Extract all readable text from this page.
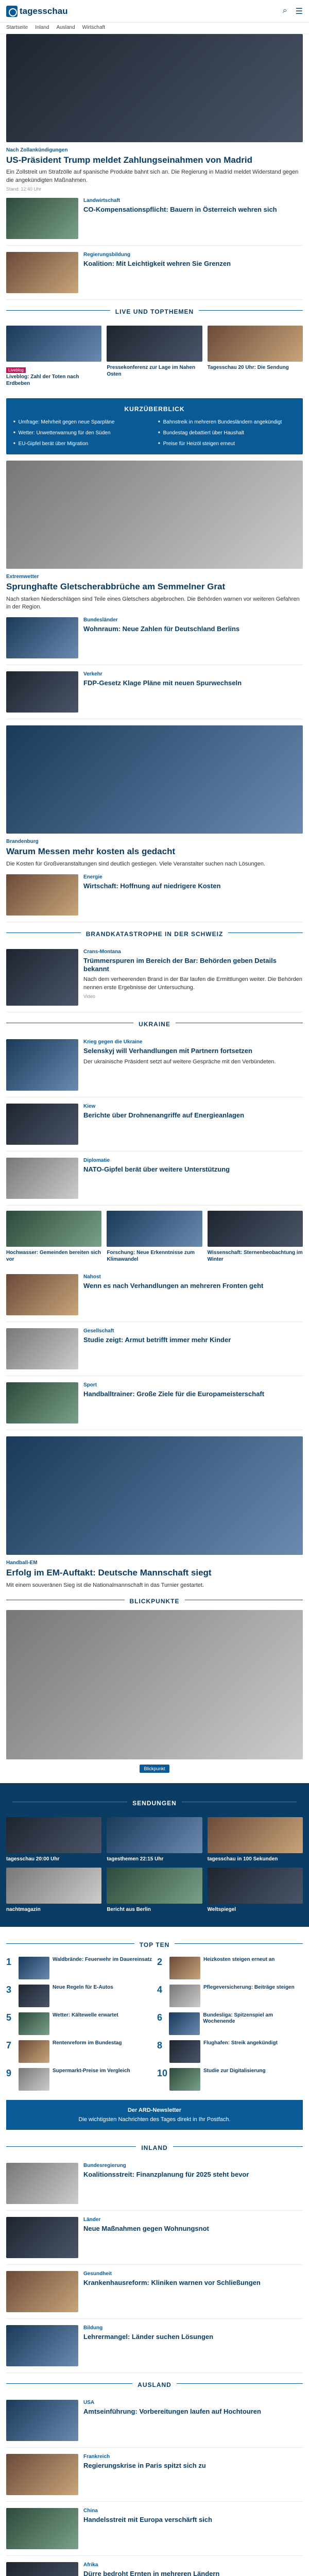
tagesschau	⌕ ☰
Startseite Inland Ausland Wirtschaft
Nach Zollankündigungen
US-Präsident Trump meldet Zahlungseinahmen von Madrid
Ein Zollstreit um Strafzölle auf spanische Produkte bahnt sich an. Die Regierung in Madrid meldet Widerstand gegen die angekündigten Maßnahmen.
Stand: 12:40 Uhr
Landwirtschaft
CO-Kompensationspflicht: Bauern in Österreich wehren sich
Regierungsbildung
Koalition: Mit Leichtigkeit wehren Sie Grenzen
LIVE UND TOPTHEMEN
Liveblog
Liveblog: Zahl der Toten nach Erdbeben
Pressekonferenz zur Lage im Nahen Osten
Tagesschau 20 Uhr: Die Sendung
KURZÜBERBLICK
■ Umfrage: Mehrheit gegen neue Sparpläne	■ Bahnstreik in mehreren Bundesländern angekündigt
■ Wetter: Unwetterwarnung für den Süden	■ Bundestag debattiert über Haushalt
■ EU-Gipfel berät über Migration	■ Preise für Heizöl steigen erneut
Extremwetter
Sprunghafte Gletscherabbrüche am Semmelner Grat
Nach starken Niederschlägen sind Teile eines Gletschers abgebrochen. Die Behörden warnen vor weiteren Gefahren in der Region.
Bundesländer
Wohnraum: Neue Zahlen für Deutschland Berlins
Verkehr
FDP-Gesetz Klage Pläne mit neuen Spurwechseln
Brandenburg
Warum Messen mehr kosten als gedacht
Die Kosten für Großveranstaltungen sind deutlich gestiegen. Viele Veranstalter suchen nach Lösungen.
Energie
Wirtschaft: Hoffnung auf niedrigere Kosten
BRANDKATASTROPHE IN DER SCHWEIZ
Crans-Montana
Trümmerspuren im Bereich der Bar: Behörden geben Details bekannt
Nach dem verheerenden Brand in der Bar laufen die Ermittlungen weiter. Die Behörden nennen erste Ergebnisse der Untersuchung.
Video
UKRAINE
Krieg gegen die Ukraine
Selenskyj will Verhandlungen mit Partnern fortsetzen
Der ukrainische Präsident setzt auf weitere Gespräche mit den Verbündeten.
Kiew
Berichte über Drohnenangriffe auf Energieanlagen
Diplomatie
NATO-Gipfel berät über weitere Unterstützung
Hochwasser: Gemeinden bereiten sich vor
Forschung: Neue Erkenntnisse zum Klimawandel
Wissenschaft: Sternenbeobachtung im Winter
Nahost
Wenn es nach Verhandlungen an mehreren Fronten geht
Gesellschaft
Studie zeigt: Armut betrifft immer mehr Kinder
Sport
Handballtrainer: Große Ziele für die Europameisterschaft
Handball-EM
Erfolg im EM-Auftakt: Deutsche Mannschaft siegt
Mit einem souveränen Sieg ist die Nationalmannschaft in das Turnier gestartet.
BLICKPUNKTE
Blickpunkt
SENDUNGEN
tagesschau 20:00 Uhr	tagesthemen 22:15 Uhr	tagesschau in 100 Sekunden
nachtmagazin	Bericht aus Berlin	Weltspiegel
TOP TEN
1	Waldbrände: Feuerwehr im Dauereinsatz 2	Heizkosten steigen erneut an
3	Neue Regeln für E-Autos	4	Pflegeversicherung: Beiträge steigen
5	Wetter: Kältewelle erwartet	6	Bundesliga: Spitzenspiel am Wochenende
7	Rentenreform im Bundestag	8	Flughafen: Streik angekündigt
9	Supermarkt-Preise im Vergleich	10	Studie zur Digitalisierung
Der ARD-Newsletter
Die wichtigsten Nachrichten des Tages direkt in Ihr Postfach.
INLAND
Bundesregierung
Koalitionsstreit: Finanzplanung für 2025 steht bevor
Länder
Neue Maßnahmen gegen Wohnungsnot
Gesundheit
Krankenhausreform: Kliniken warnen vor Schließungen
Bildung
Lehrermangel: Länder suchen Lösungen
AUSLAND
USA
Amtseinführung: Vorbereitungen laufen auf Hochtouren
Frankreich
Regierungskrise in Paris spitzt sich zu
China
Handelsstreit mit Europa verschärft sich
Afrika
Dürre bedroht Ernten in mehreren Ländern
